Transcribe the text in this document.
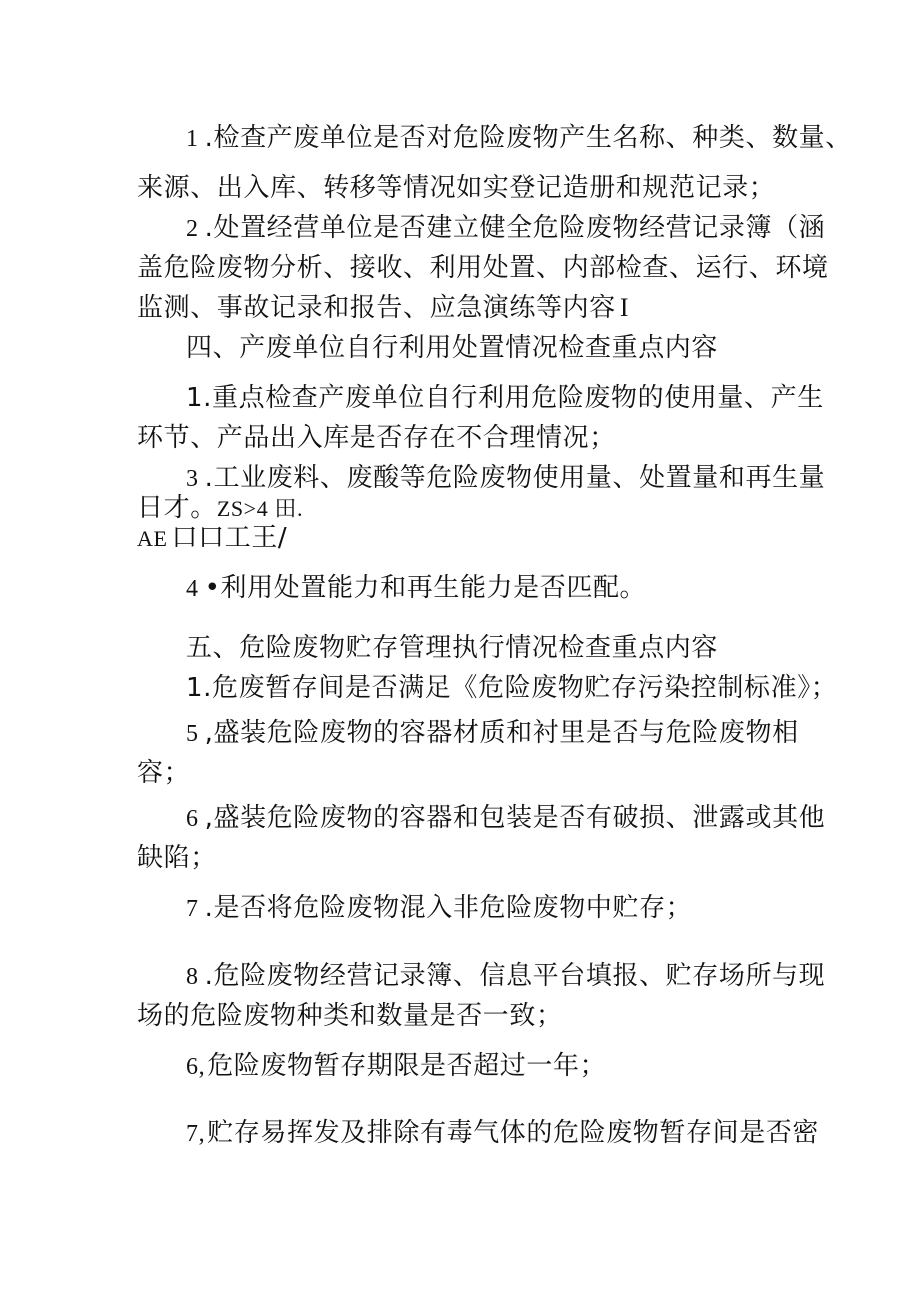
1 .检查产废单位是否对危险废物产生名称、种类、数量、
来源、出入库、转移等情况如实登记造册和规范记录；
2 .处置经营单位是否建立健全危险废物经营记录簿（涵
盖危险废物分析、接收、利用处置、内部检查、运行、环境
监测、事故记录和报告、应急演练等内容 I
四、产废单位自行利用处置情况检查重点内容
1.重点检查产废单位自行利用危险废物的使用量、产生
环节、产品出入库是否存在不合理情况；
3 .工业废料、废酸等危险废物使用量、处置量和再生量
日才。ZS>4 田.
AE 口口工王/
4 •利用处置能力和再生能力是否匹配。
五、危险废物贮存管理执行情况检查重点内容
1.危废暂存间是否满足《危险废物贮存污染控制标准》；
5 ,盛装危险废物的容器材质和衬里是否与危险废物相
容；
6 ,盛装危险废物的容器和包装是否有破损、泄露或其他
缺陷；
7 .是否将危险废物混入非危险废物中贮存；
8 .危险废物经营记录簿、信息平台填报、贮存场所与现
场的危险废物种类和数量是否一致；
6,危险废物暂存期限是否超过一年；
7,贮存易挥发及排除有毒气体的危险废物暂存间是否密
